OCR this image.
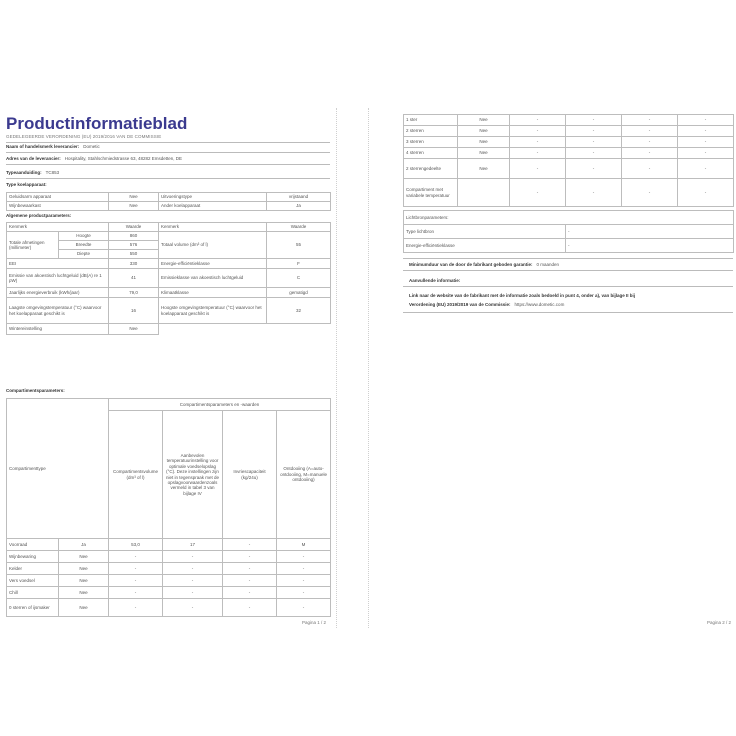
Productinformatieblad
GEDELEGEERDE VERORDENING (EU) 2019/2016 VAN DE COMMISSIE
Naam of handelsmerk leverancier: Dometic
Adres van de leverancier: Hospitality, Stahlschmiedstrasse 63, 48282 Emsdetten, DE
Typeaanduiding: TC853
Type koelapparaat:
Geluidsarm apparaat	Nee	Uitvoeringstype	vrijstaand
Wijnbewaarkast	Nee	Ander koelapparaat	Ja
Algemene productparameters:
Kenmerk		Waarde	Kenmerk	Waarde
Totale afmetingen (millimeter)	Hoogte	860	Totaal volume (dm³ of l)	55
	Breedte	576		
	Diepte	550		
EEI		330	Energie-efficiëntieklasse	F
Emissie van akoestisch luchtgeluid (dB(A) re 1 pW)		41	Emissieklasse van akoestisch luchtgeluid	C
Jaarlijks energieverbruik (kWh/jaar)		79,0	Klimaatklasse	gematigd
Laagste omgevingstemperatuur (°C) waarvoor het koelapparaat geschikt is		16	Hoogste omgevingstemperatuur (°C) waarvoor het koelapparaat geschikt is	32
Wintereinstelling		Nee		
Compartimentsparameters:
Compartimenttype		Compartimentsparameters en -waarden			
		Compartimentsvolume (dm³ of l)	Aanbevolen temperatuurinstelling voor optimale voedselopslag (°C). Deze instellingen zijn niet in tegenspraak met de opslagvoorwaardenzoals vermeld in tabel 3 van bijlage IV	Invriescapaciteit (kg/24u)	Ontdooiing (A=auto-ontdooiing, M=manuele ontdooiing)
Voorraad	Ja	53,0	17	-	M
Wijnbewaring	Nee	-	-	-	-
Kelder	Nee	-	-	-	-
Vers voedsel	Nee	-	-	-	-
Chill	Nee	-	-	-	-
0 sterren of ijsmaker	Nee	-	-	-	-
Pagina 1 / 2
1 ster	Nee	-	-	-	-
2 sterren	Nee	-	-	-	-
3 sterren	Nee	-	-	-	-
4 sterren	Nee	-	-	-	-
2 sterrengedeelte	Nee	-	-	-	-
Compartiment met variabele temperatuur		-	-	-	-
Lichtbronparameters:	
Type lichtbron	-
Energie-efficiëntieklasse	-
Minimumduur van de door de fabrikant geboden garantie: 0 maanden
Aanvullende informatie:
Link naar de website van de fabrikant met de informatie zoals bedoeld in punt 4, onder a), van bijlage II bij
Verordening (EU) 2019/2019 van de Commissie: https://www.dometic.com
Pagina 2 / 2
